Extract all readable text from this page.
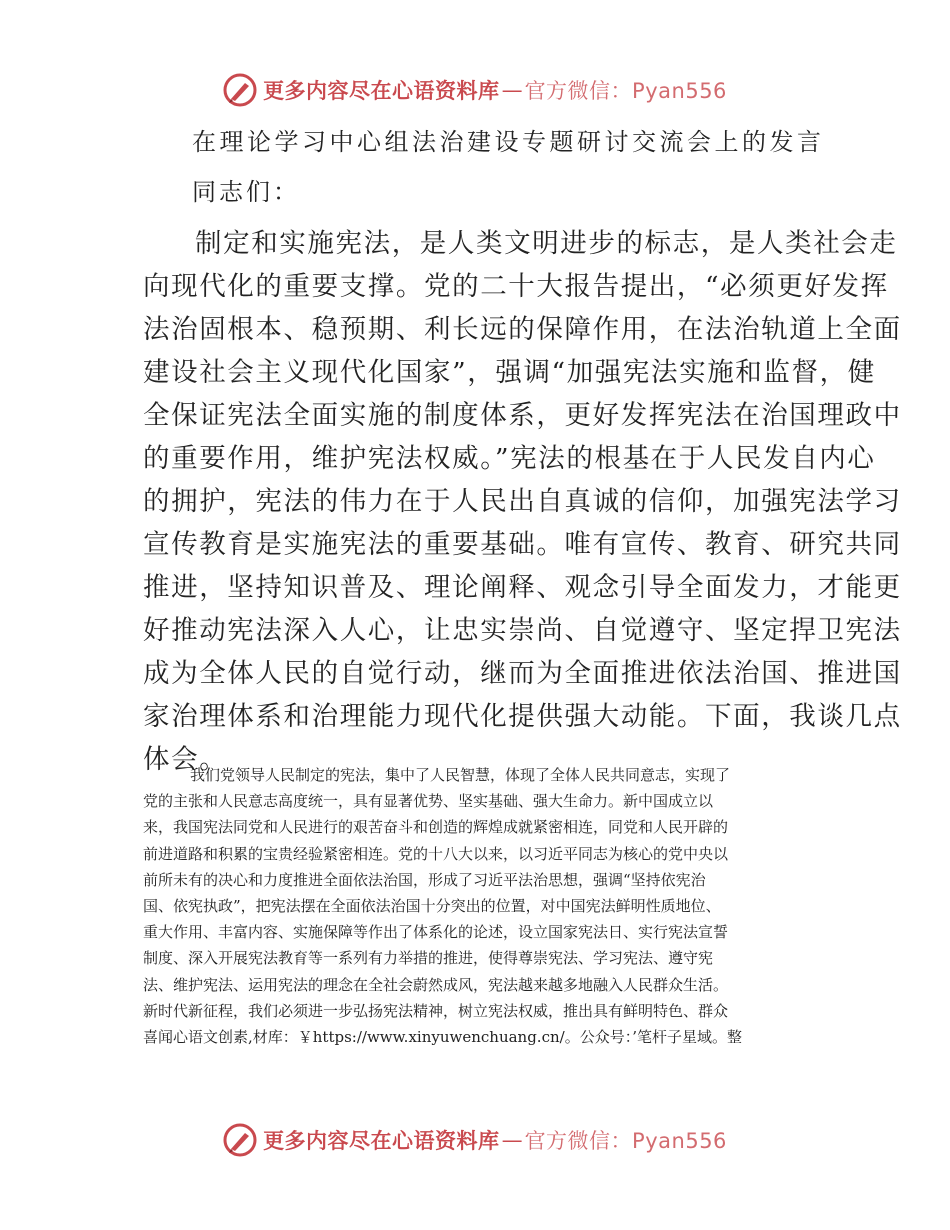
更多内容尽在心语资料库 — 官方微信：Pyan556
在理论学习中心组法治建设专题研讨交流会上的发言
同志们：
制定和实施宪法，是人类文明进步的标志，是人类社会走
向现代化的重要支撑。党的二十大报告提出，“必须更好发挥
法治固根本、稳预期、利长远的保障作用，在法治轨道上全面
建设社会主义现代化国家”，强调“加强宪法实施和监督，健
全保证宪法全面实施的制度体系，更好发挥宪法在治国理政中
的重要作用，维护宪法权威。”宪法的根基在于人民发自内心
的拥护，宪法的伟力在于人民出自真诚的信仰，加强宪法学习
宣传教育是实施宪法的重要基础。唯有宣传、教育、研究共同
推进，坚持知识普及、理论阐释、观念引导全面发力，才能更
好推动宪法深入人心，让忠实崇尚、自觉遵守、坚定捍卫宪法
成为全体人民的自觉行动，继而为全面推进依法治国、推进国
家治理体系和治理能力现代化提供强大动能。下面，我谈几点
体会。
我们党领导人民制定的宪法，集中了人民智慧，体现了全体人民共同意志，实现了
党的主张和人民意志高度统一，具有显著优势、坚实基础、强大生命力。新中国成立以
来，我国宪法同党和人民进行的艰苦奋斗和创造的辉煌成就紧密相连，同党和人民开辟的
前进道路和积累的宝贵经验紧密相连。党的十八大以来，以习近平同志为核心的党中央以
前所未有的决心和力度推进全面依法治国，形成了习近平法治思想，强调“坚持依宪治
国、依宪执政”，把宪法摆在全面依法治国十分突出的位置，对中国宪法鲜明性质地位、
重大作用、丰富内容、实施保障等作出了体系化的论述，设立国家宪法日、实行宪法宣誓
制度、深入开展宪法教育等一系列有力举措的推进，使得尊崇宪法、学习宪法、遵守宪
法、维护宪法、运用宪法的理念在全社会蔚然成风，宪法越来越多地融入人民群众生活。
新时代新征程，我们必须进一步弘扬宪法精神，树立宪法权威，推出具有鲜明特色、群众
喜闻心语文创素,材库：￥https://www.xinyuwenchuang.cn/。公众号：’笔杆子星域。整
更多内容尽在心语资料库 — 官方微信：Pyan556
